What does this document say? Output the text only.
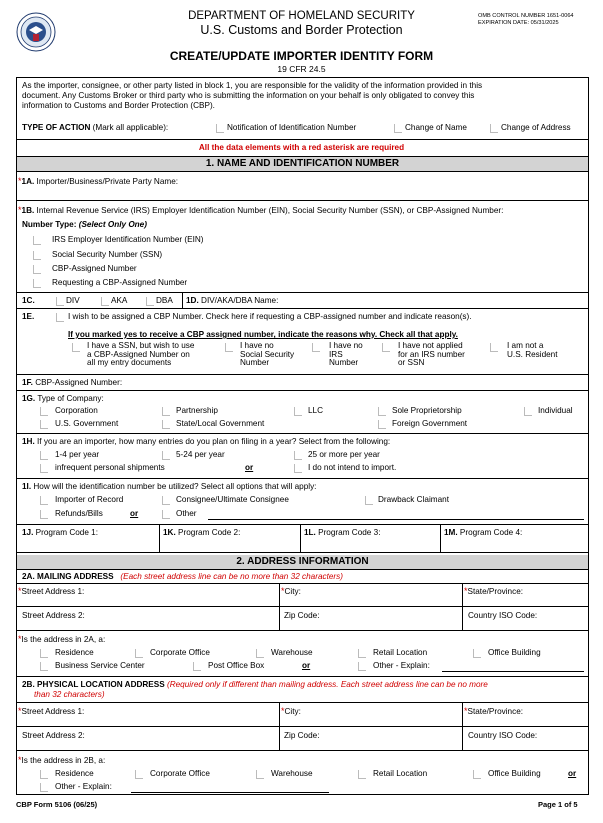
DEPARTMENT OF HOMELAND SECURITY
U.S. Customs and Border Protection
OMB CONTROL NUMBER 1651-0064
EXPIRATION DATE: 05/31/2025
CREATE/UPDATE IMPORTER IDENTITY FORM
19 CFR 24.5
As the importer, consignee, or other party listed in block 1, you are responsible for the validity of the information provided in this
document. Any Customs Broker or third party who is submitting the information on your behalf is only obligated to convey this
information to Customs and Border Protection (CBP).
TYPE OF ACTION (Mark all applicable):	Notification of Identification Number	Change of Name	Change of Address
All the data elements with a red asterisk are required
1. NAME AND IDENTIFICATION NUMBER
*1A. Importer/Business/Private Party Name:
*1B. Internal Revenue Service (IRS) Employer Identification Number (EIN), Social Security Number (SSN), or CBP-Assigned Number:
Number Type: (Select Only One)
IRS Employer Identification Number (EIN)
Social Security Number (SSN)
CBP-Assigned Number
Requesting a CBP-Assigned Number
1C.	DIV	AKA	DBA 1D. DIV/AKA/DBA Name:
1E.	I wish to be assigned a CBP Number. Check here if requesting a CBP-assigned number and indicate reason(s).
If you marked yes to receive a CBP assigned number, indicate the reasons why. Check all that apply.
I have a SSN, but wish to use
a CBP-Assigned Number on
all my entry documents
I have no
Social Security
Number
I have no
IRS
Number
I have not applied
for an IRS number
or SSN
I am not a
U.S. Resident
1F. CBP-Assigned Number:
1G. Type of Company:
Corporation	Partnership	LLC	Sole Proprietorship	Individual
U.S. Government	State/Local Government	Foreign Government
1H. If you are an importer, how many entries do you plan on filing in a year? Select from the following:
1-4 per year	5-24 per year	25 or more per year
infrequent personal shipments	or	I do not intend to import.
1I. How will the identification number be utilized? Select all options that will apply:
Importer of Record	Consignee/Ultimate Consignee	Drawback Claimant
Refunds/Bills	or	Other
1J. Program Code 1:	1K. Program Code 2:	1L. Program Code 3:	1M. Program Code 4:
2. ADDRESS INFORMATION
2A. MAILING ADDRESS (Each street address line can be no more than 32 characters)
*Street Address 1:	*City:	*State/Province:
Street Address 2:	Zip Code:	Country ISO Code:
*Is the address in 2A, a:
Residence	Corporate Office	Warehouse	Retail Location	Office Building
Business Service Center	Post Office Box	or	Other - Explain:
2B. PHYSICAL LOCATION ADDRESS (Required only if different than mailing address. Each street address line can be no more
than 32 characters)
*Street Address 1:	*City:	*State/Province:
Street Address 2:	Zip Code:	Country ISO Code:
*Is the address in 2B, a:
Residence	Corporate Office	Warehouse	Retail Location	Office Building	or
Other - Explain:
CBP Form 5106 (06/25)	Page 1 of 5
